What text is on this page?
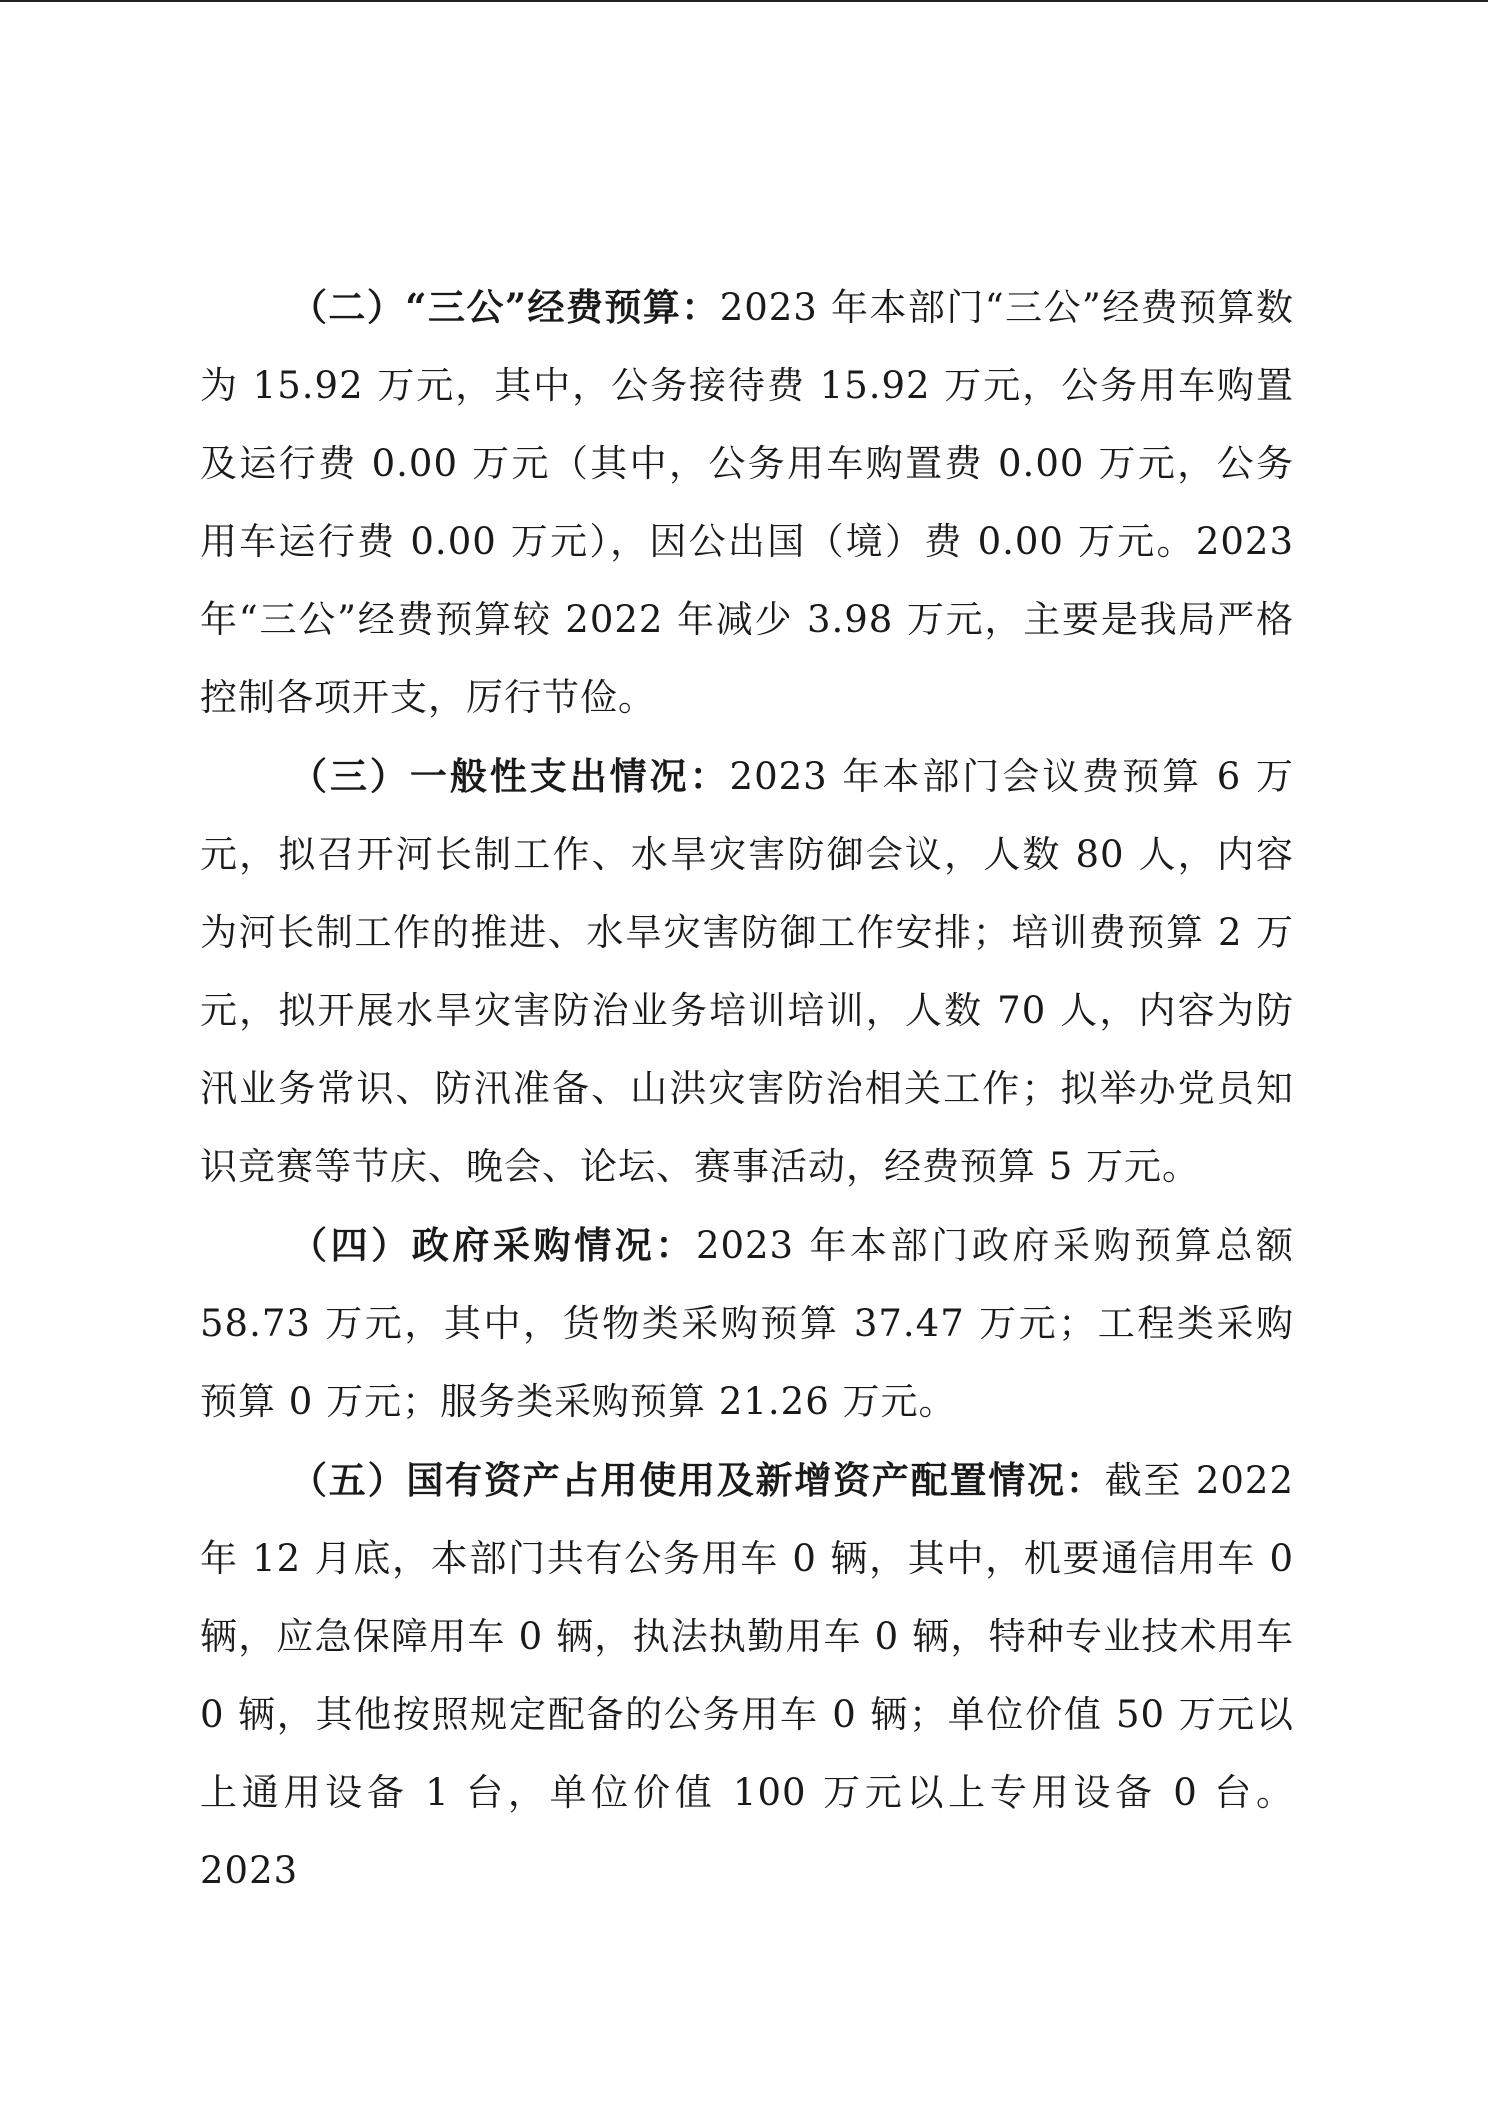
（二）“三公”经费预算：2023 年本部门“三公”经费预算数为 15.92 万元，其中，公务接待费 15.92 万元，公务用车购置及运行费 0.00 万元（其中，公务用车购置费 0.00 万元，公务用车运行费 0.00 万元），因公出国（境）费 0.00 万元。2023 年“三公”经费预算较 2022 年减少 3.98 万元，主要是我局严格控制各项开支，厉行节俭。

（三）一般性支出情况：2023 年本部门会议费预算 6 万元，拟召开河长制工作、水旱灾害防御会议，人数 80 人，内容为河长制工作的推进、水旱灾害防御工作安排；培训费预算 2 万元，拟开展水旱灾害防治业务培训培训，人数 70 人，内容为防汛业务常识、防汛准备、山洪灾害防治相关工作；拟举办党员知识竞赛等节庆、晚会、论坛、赛事活动，经费预算 5 万元。

（四）政府采购情况：2023 年本部门政府采购预算总额 58.73 万元，其中，货物类采购预算 37.47 万元；工程类采购预算 0 万元；服务类采购预算 21.26 万元。

（五）国有资产占用使用及新增资产配置情况：截至 2022 年 12 月底，本部门共有公务用车 0 辆，其中，机要通信用车 0 辆，应急保障用车 0 辆，执法执勤用车 0 辆，特种专业技术用车 0 辆，其他按照规定配备的公务用车 0 辆；单位价值 50 万元以上通用设备 1 台，单位价值 100 万元以上专用设备 0 台。2023
